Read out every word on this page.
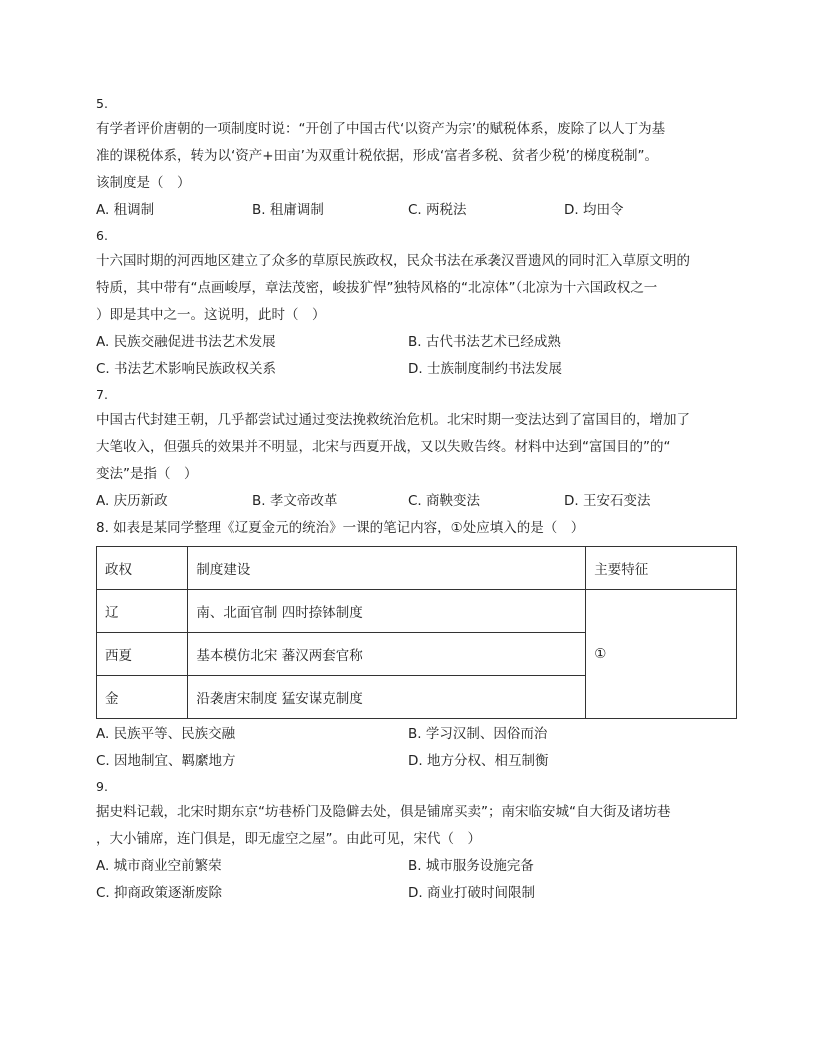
5.
有学者评价唐朝的一项制度时说：“开创了中国古代‘以资产为宗’的赋税体系，废除了以人丁为基
准的课税体系，转为以‘资产+田亩’为双重计税依据，形成‘富者多税、贫者少税’的梯度税制”。
该制度是（　）
A. 租调制	B. 租庸调制	C. 两税法	D. 均田令
6.
十六国时期的河西地区建立了众多的草原民族政权，民众书法在承袭汉晋遗风的同时汇入草原文明的
特质，其中带有“点画峻厚，章法茂密，峻拔犷悍”独特风格的“北凉体”（北凉为十六国政权之一
）即是其中之一。这说明，此时（　）
A. 民族交融促进书法艺术发展	B. 古代书法艺术已经成熟
C. 书法艺术影响民族政权关系	D. 士族制度制约书法发展
7.
中国古代封建王朝，几乎都尝试过通过变法挽救统治危机。北宋时期一变法达到了富国目的，增加了
大笔收入，但强兵的效果并不明显，北宋与西夏开战，又以失败告终。材料中达到“富国目的”的“
变法”是指（　）
A. 庆历新政	B. 孝文帝改革	C. 商鞅变法	D. 王安石变法
8. 如表是某同学整理《辽夏金元的统治》一课的笔记内容，①处应填入的是（　）
政权	制度建设	主要特征
辽	南、北面官制 四时捺钵制度	①
西夏	基本模仿北宋 蕃汉两套官称	
金	沿袭唐宋制度 猛安谋克制度	
A. 民族平等、民族交融	B. 学习汉制、因俗而治
C. 因地制宜、羁縻地方	D. 地方分权、相互制衡
9.
据史料记载，北宋时期东京“坊巷桥门及隐僻去处，俱是铺席买卖”；南宋临安城“自大街及诸坊巷
，大小铺席，连门俱是，即无虚空之屋”。由此可见，宋代（　）
A. 城市商业空前繁荣	B. 城市服务设施完备
C. 抑商政策逐渐废除	D. 商业打破时间限制
